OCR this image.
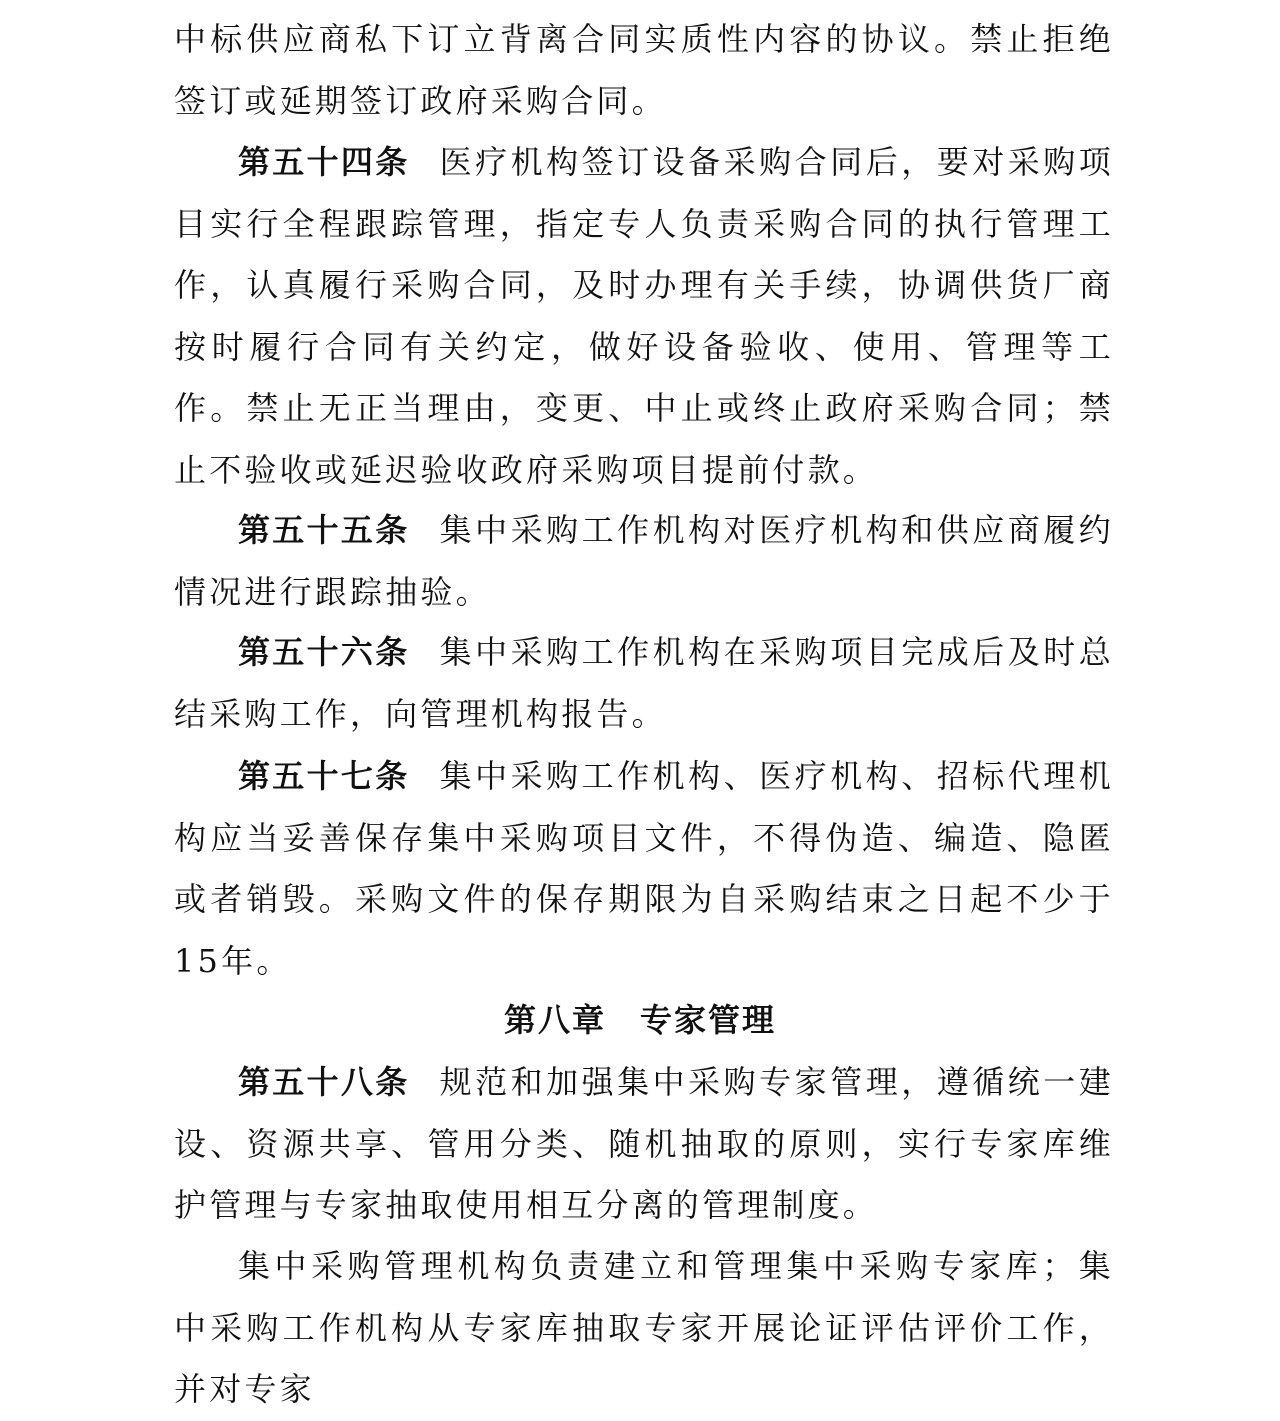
中标供应商私下订立背离合同实质性内容的协议。禁止拒绝签订或延期签订政府采购合同。

第五十四条 医疗机构签订设备采购合同后，要对采购项目实行全程跟踪管理，指定专人负责采购合同的执行管理工作，认真履行采购合同，及时办理有关手续，协调供货厂商按时履行合同有关约定，做好设备验收、使用、管理等工作。禁止无正当理由，变更、中止或终止政府采购合同；禁止不验收或延迟验收政府采购项目提前付款。

第五十五条 集中采购工作机构对医疗机构和供应商履约情况进行跟踪抽验。

第五十六条 集中采购工作机构在采购项目完成后及时总结采购工作，向管理机构报告。

第五十七条 集中采购工作机构、医疗机构、招标代理机构应当妥善保存集中采购项目文件，不得伪造、编造、隐匿或者销毁。采购文件的保存期限为自采购结束之日起不少于15年。

第八章 专家管理

第五十八条 规范和加强集中采购专家管理，遵循统一建设、资源共享、管用分类、随机抽取的原则，实行专家库维护管理与专家抽取使用相互分离的管理制度。

集中采购管理机构负责建立和管理集中采购专家库；集中采购工作机构从专家库抽取专家开展论证评估评价工作，并对专家
